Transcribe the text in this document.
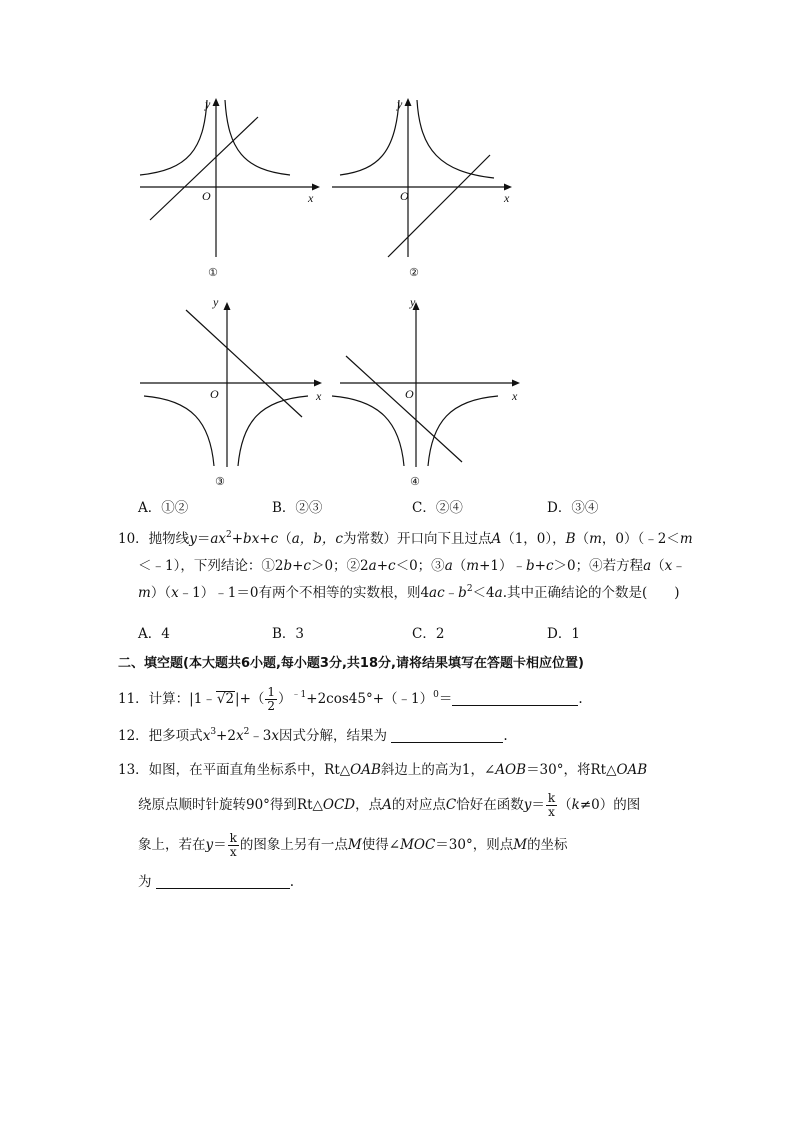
y
O	x
①
y
O	x
②
y
O	x
③
y
O	x
④
A．①②	B．②③	C．②④	D．③④
10．抛物线$y=ax^2+bx+c(a$，b，c为常数）开口向下且过点A（1，0），B（m，0）（﹣2＜m
＜﹣1），下列结论：①2b+c＞0；②2a+c＜0；③a（m+1）﹣b+c＞0；④若方程a（x﹣
m）（x﹣1）﹣1＝0有两个不相等的实数根，则$4ac﹣b^2<4a$.其中正确结论的个数是(　　)
A．4	B．3	C．2	D．1
二、填空题(本大题共6小题,每小题3分,共18分,请将结果填写在答题卡相应位置)
11．计算：|1﹣√2|+（ $\frac{1}{2}$ ）$^{﹣1}$+2cos45°+（﹣1）$^0$＝	.
12．把多项式$x^3+2x^2﹣3x$因式分解，结果为	.
13．如图，在平面直角坐标系中，Rt△OAB斜边上的高为1，∠AOB＝30°，将Rt△OAB
绕原点顺时针旋转90°得到Rt△OCD，点A的对应点C恰好在函数$y= \frac{k}{x} (k\ne 0)$的图
象上，若在$y= \frac{k}{x}$ 的图象上另有一点M使得∠MOC＝30°，则点M的坐标
为	.
